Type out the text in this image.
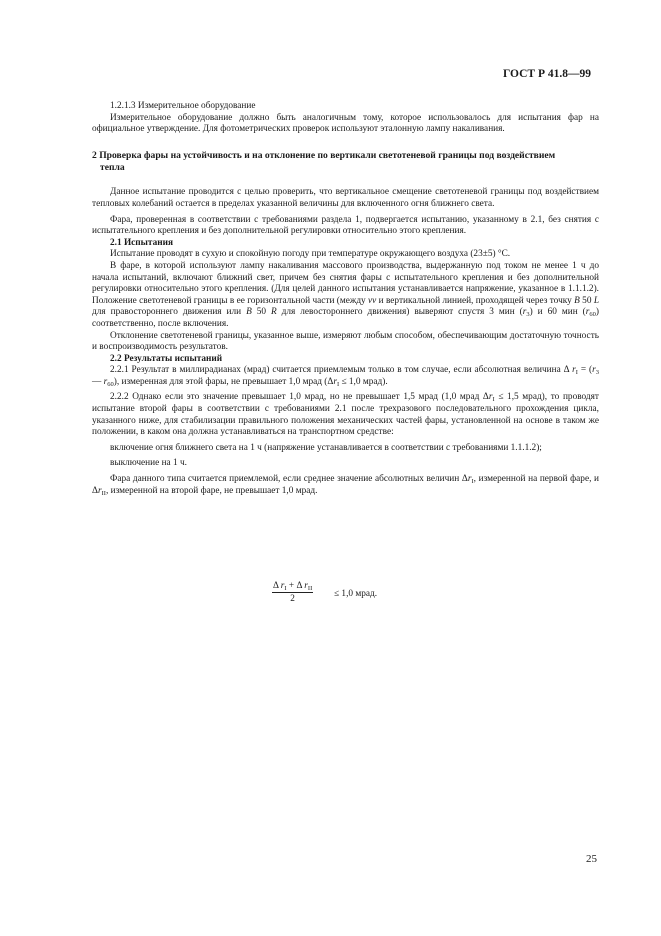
ГОСТ Р 41.8—99

1.2.1.3 Измерительное оборудование

Измерительное оборудование должно быть аналогичным тому, которое использовалось для испытания фар на официальное утверждение. Для фотометрических проверок используют эталонную лампу накаливания.

2 Проверка фары на устойчивость и на отклонение по вертикали светотеневой границы под воздействием
тепла

Данное испытание проводится с целью проверить, что вертикальное смещение светотеневой границы под воздействием тепловых колебаний остается в пределах указанной величины для включенного огня ближнего света.

Фара, проверенная в соответствии с требованиями раздела 1, подвергается испытанию, указанному в 2.1, без снятия с испытательного крепления и без дополнительной регулировки относительно этого крепления.

2.1 Испытания

Испытание проводят в сухую и спокойную погоду при температуре окружающего воздуха (23±5) °С.

В фаре, в которой используют лампу накаливания массового производства, выдержанную под током не менее 1 ч до начала испытаний, включают ближний свет, причем без снятия фары с испытательного крепления и без дополнительной регулировки относительно этого крепления. (Для целей данного испытания устанавливается напряжение, указанное в 1.1.1.2). Положение светотеневой границы в ее горизонтальной части (между vv и вертикальной линией, проходящей через точку B 50 L для правостороннего движения или B 50 R для левостороннего движения) выверяют спустя 3 мин $(r_3)$ и 60 мин $(r_{60})$ соответственно, после включения.

Отклонение светотеневой границы, указанное выше, измеряют любым способом, обеспечивающим достаточную точность и воспроизводимость результатов.

2.2 Результаты испытаний

2.2.1 Результат в миллирадианах (мрад) считается приемлемым только в том случае, если абсолютная величина Δ $r_I = (r_3$ — $r_{60}$), измеренная для этой фары, не превышает 1,0 мрад ($\Delta r_I \le 1,0$ мрад).

2.2.2 Однако если это значение превышает 1,0 мрад, но не превышает 1,5 мрад (1,0 мрад $\Delta r_I \le 1,5$ мрад), то проводят испытание второй фары в соответствии с требованиями 2.1 после трехразового последовательного прохождения цикла, указанного ниже, для стабилизации правильного положения механических частей фары, установленной на основе в таком же положении, в каком она должна устанавливаться на транспортном средстве:

включение огня ближнего света на 1 ч (напряжение устанавливается в соответствии с требованиями 1.1.1.2);

выключение на 1 ч.

Фара данного типа считается приемлемой, если среднее значение абсолютных величин $\Delta r_I$, измеренной на первой фаре, и $\Delta r_{II}$, измеренной на второй фаре, не превышает 1,0 мрад.

Δ $r_I + \Delta$ $r_{II}$
2	≤ 1,0 мрад.
25
